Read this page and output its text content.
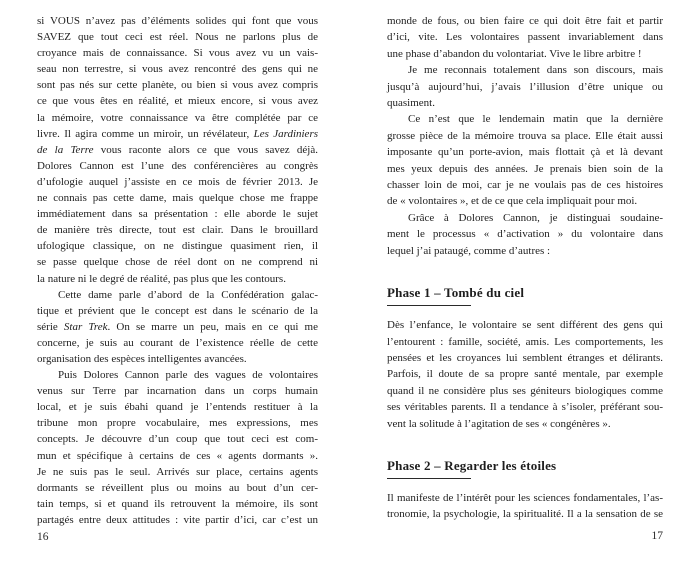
si VOUS n’avez pas d’éléments solides qui font que vous
SAVEZ que tout ceci est réel. Nous ne parlons plus de
croyance mais de connaissance. Si vous avez vu un vais-
seau non terrestre, si vous avez rencontré des gens qui ne
sont pas nés sur cette planète, ou bien si vous avez compris
ce que vous êtes en réalité, et mieux encore, si vous avez
la mémoire, votre connaissance va être complétée par ce
livre. Il agira comme un miroir, un révélateur, Les Jardiniers
de la Terre vous raconte alors ce que vous savez déjà.
Dolores Cannon est l’une des conférencières au congrès
d’ufologie auquel j’assiste en ce mois de février 2013. Je
ne connais pas cette dame, mais quelque chose me frappe
immédiatement dans sa présentation : elle aborde le sujet
de manière très directe, tout est clair. Dans le brouillard
ufologique classique, on ne distingue quasiment rien, il
se passe quelque chose de réel dont on ne comprend ni
la nature ni le degré de réalité, pas plus que les contours.
Cette dame parle d’abord de la Confédération galac-
tique et prévient que le concept est dans le scénario de la
série Star Trek. On se marre un peu, mais en ce qui me
concerne, je suis au courant de l’existence réelle de cette
organisation des espèces intelligentes avancées.
Puis Dolores Cannon parle des vagues de volontaires
venus sur Terre par incarnation dans un corps humain
local, et je suis ébahi quand je l’entends restituer à la
tribune mon propre vocabulaire, mes expressions, mes
concepts. Je découvre d’un coup que tout ceci est com-
mun et spécifique à certains de ces « agents dormants ».
Je ne suis pas le seul. Arrivés sur place, certains agents
dormants se réveillent plus ou moins au bout d’un cer-
tain temps, si et quand ils retrouvent la mémoire, ils sont
partagés entre deux attitudes : vite partir d’ici, car c’est un
16
monde de fous, ou bien faire ce qui doit être fait et partir
d’ici, vite. Les volontaires passent invariablement dans
une phase d’abandon du volontariat. Vive le libre arbitre !
Je me reconnais totalement dans son discours, mais
jusqu’à aujourd’hui, j’avais l’illusion d’être unique ou
quasiment.
Ce n’est que le lendemain matin que la dernière
grosse pièce de la mémoire trouva sa place. Elle était aussi
imposante qu’un porte-avion, mais flottait çà et là devant
mes yeux depuis des années. Je prenais bien soin de la
chasser loin de moi, car je ne voulais pas de ces histoires
de « volontaires », et de ce que cela impliquait pour moi.
Grâce à Dolores Cannon, je distinguai soudaine-
ment le processus « d’activation » du volontaire dans
lequel j’ai pataugé, comme d’autres :
Phase 1 – Tombé du ciel
Dès l’enfance, le volontaire se sent différent des gens qui
l’entourent : famille, société, amis. Les comportements, les
pensées et les croyances lui semblent étranges et délirants.
Parfois, il doute de sa propre santé mentale, par exemple
quand il ne considère plus ses géniteurs biologiques comme
ses véritables parents. Il a tendance à s’isoler, préférant sou-
vent la solitude à l’agitation de ses « congénères ».
Phase 2 – Regarder les étoiles
Il manifeste de l’intérêt pour les sciences fondamentales, l’as-
tronomie, la psychologie, la spiritualité. Il a la sensation de se
17
